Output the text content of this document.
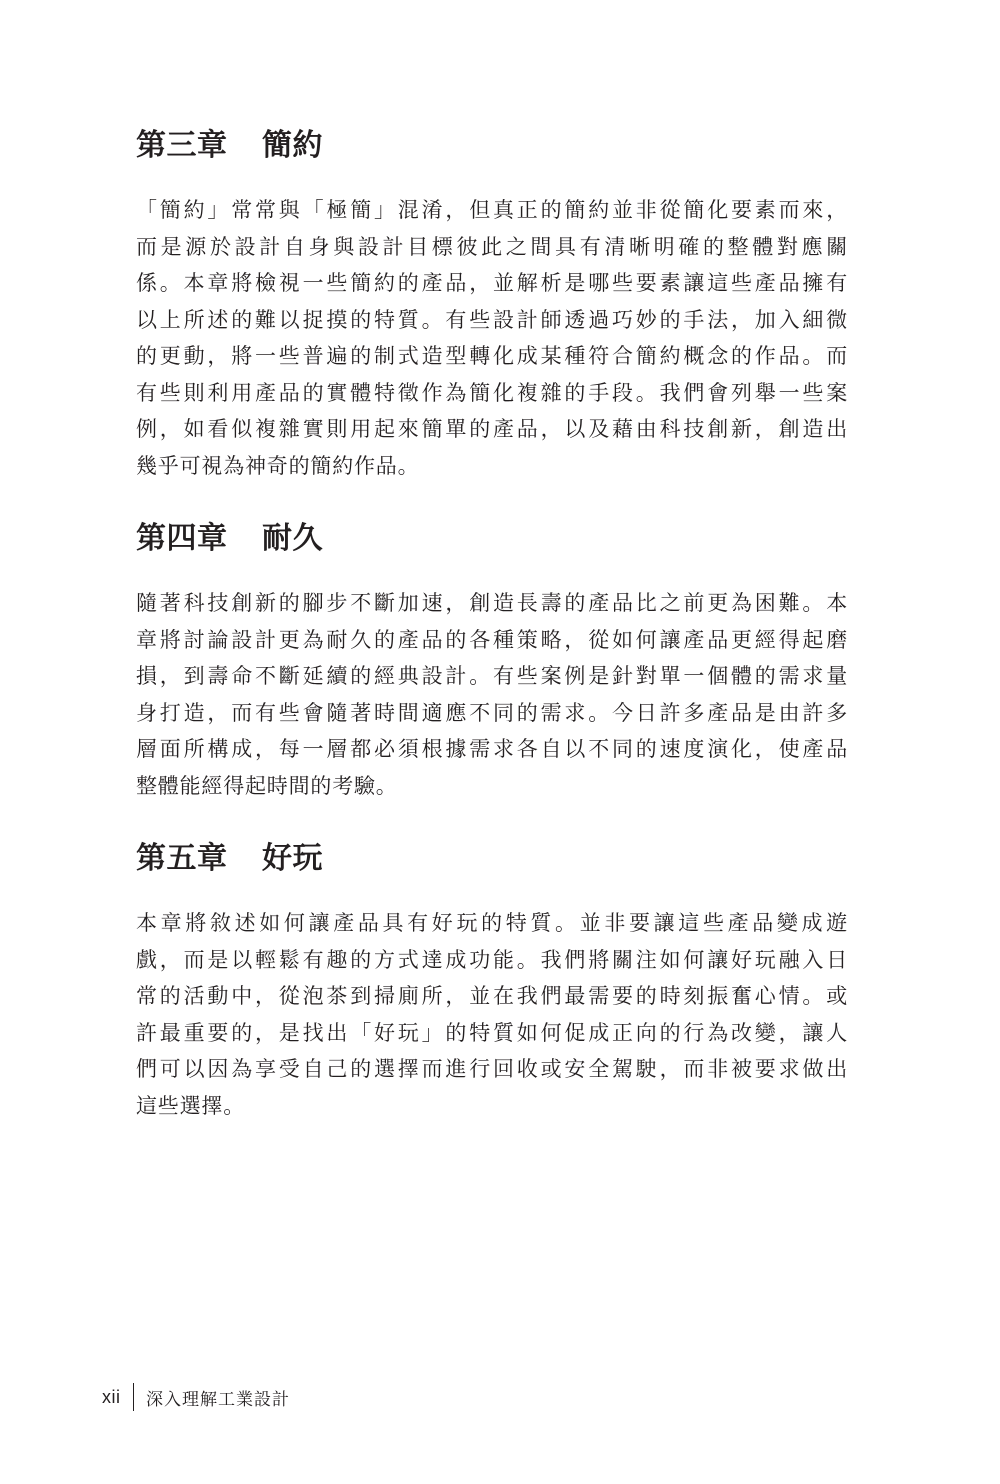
第三章 簡約
「簡約」常常與「極簡」混淆，但真正的簡約並非從簡化要素而來，
而是源於設計自身與設計目標彼此之間具有清晰明確的整體對應關
係。本章將檢視一些簡約的產品，並解析是哪些要素讓這些產品擁有
以上所述的難以捉摸的特質。有些設計師透過巧妙的手法，加入細微
的更動，將一些普遍的制式造型轉化成某種符合簡約概念的作品。而
有些則利用產品的實體特徵作為簡化複雜的手段。我們會列舉一些案
例，如看似複雜實則用起來簡單的產品，以及藉由科技創新，創造出
幾乎可視為神奇的簡約作品。
第四章 耐久
隨著科技創新的腳步不斷加速，創造長壽的產品比之前更為困難。本
章將討論設計更為耐久的產品的各種策略，從如何讓產品更經得起磨
損，到壽命不斷延續的經典設計。有些案例是針對單一個體的需求量
身打造，而有些會隨著時間適應不同的需求。今日許多產品是由許多
層面所構成，每一層都必須根據需求各自以不同的速度演化，使產品
整體能經得起時間的考驗。
第五章 好玩
本章將敘述如何讓產品具有好玩的特質。並非要讓這些產品變成遊
戲，而是以輕鬆有趣的方式達成功能。我們將關注如何讓好玩融入日
常的活動中，從泡茶到掃廁所，並在我們最需要的時刻振奮心情。或
許最重要的，是找出「好玩」的特質如何促成正向的行為改變，讓人
們可以因為享受自己的選擇而進行回收或安全駕駛，而非被要求做出
這些選擇。
xii 深入理解工業設計
